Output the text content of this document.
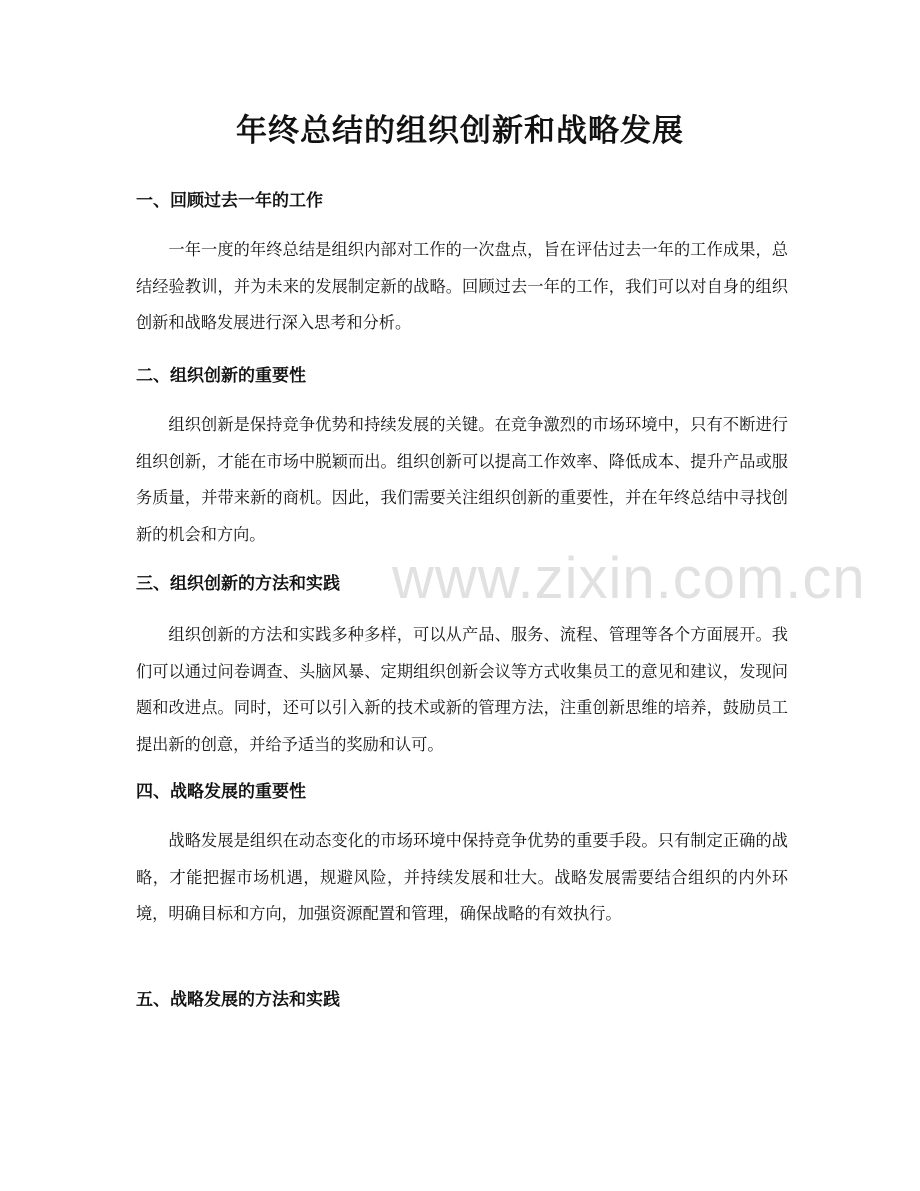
年终总结的组织创新和战略发展
一、回顾过去一年的工作

一年一度的年终总结是组织内部对工作的一次盘点，旨在评估过去一年的工作成果，总结经验教训，并为未来的发展制定新的战略。回顾过去一年的工作，我们可以对自身的组织创新和战略发展进行深入思考和分析。

二、组织创新的重要性

组织创新是保持竞争优势和持续发展的关键。在竞争激烈的市场环境中，只有不断进行组织创新，才能在市场中脱颖而出。组织创新可以提高工作效率、降低成本、提升产品或服务质量，并带来新的商机。因此，我们需要关注组织创新的重要性，并在年终总结中寻找创新的机会和方向。

三、组织创新的方法和实践

组织创新的方法和实践多种多样，可以从产品、服务、流程、管理等各个方面展开。我们可以通过问卷调查、头脑风暴、定期组织创新会议等方式收集员工的意见和建议，发现问题和改进点。同时，还可以引入新的技术或新的管理方法，注重创新思维的培养，鼓励员工提出新的创意，并给予适当的奖励和认可。

四、战略发展的重要性

战略发展是组织在动态变化的市场环境中保持竞争优势的重要手段。只有制定正确的战略，才能把握市场机遇，规避风险，并持续发展和壮大。战略发展需要结合组织的内外环境，明确目标和方向，加强资源配置和管理，确保战略的有效执行。

五、战略发展的方法和实践
www.zixin.com.cn
